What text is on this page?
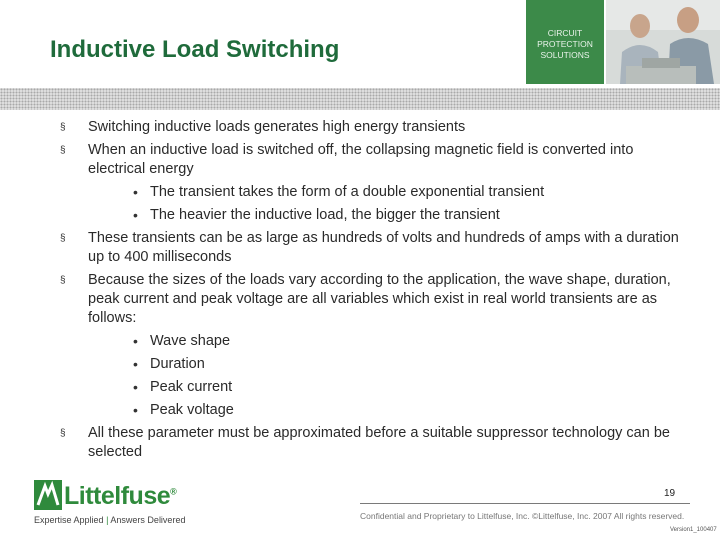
Inductive Load Switching
CIRCUIT
PROTECTION
SOLUTIONS
§ Switching inductive loads generates high energy transients
§ When an inductive load is switched off, the collapsing magnetic field is converted into electrical energy
• The transient takes the form of a double exponential transient
• The heavier the inductive load, the bigger the transient
§ These transients can be as large as hundreds of volts and hundreds of amps with a duration up to 400 milliseconds
§ Because the sizes of the loads vary according to the application, the wave shape, duration, peak current and peak voltage are all variables which exist in real world transients are as follows:
• Wave shape
• Duration
• Peak current
• Peak voltage
§ All these parameter must be approximated before a suitable suppressor technology can be selected
Littelfuse®
Expertise Applied | Answers Delivered
19
Confidential and Proprietary to Littelfuse, Inc. ©Littelfuse, Inc. 2007 All rights reserved.
Version1_100407
